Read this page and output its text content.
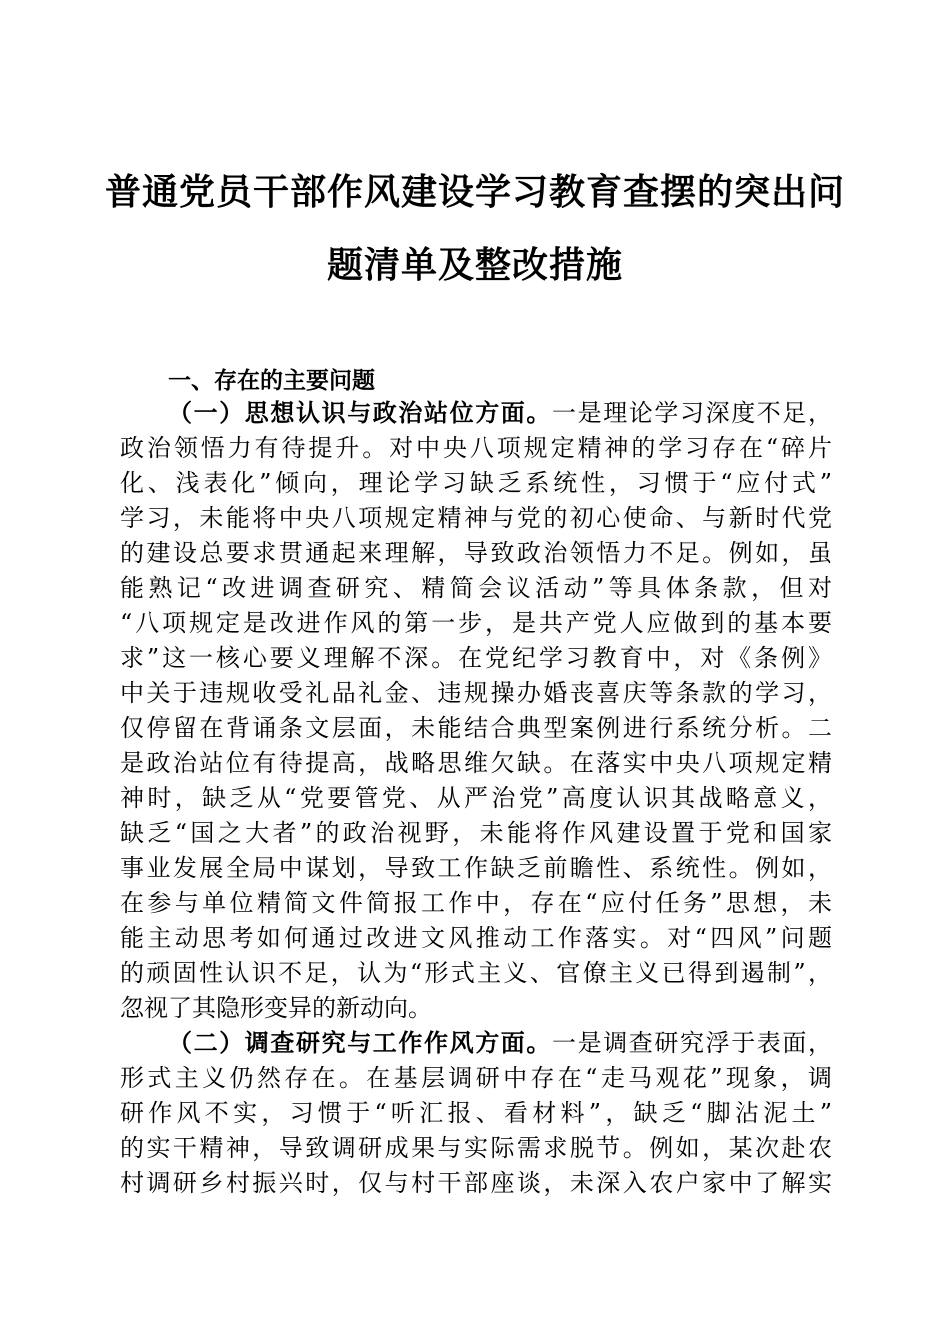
普通党员干部作风建设学习教育查摆的突出问
题清单及整改措施
一、存在的主要问题

（一）思想认识与政治站位方面。一是理论学习深度不足，

政治领悟力有待提升。对中央八项规定精神的学习存在“碎片

化、浅表化”倾向，理论学习缺乏系统性，习惯于“应付式”

学习，未能将中央八项规定精神与党的初心使命、与新时代党

的建设总要求贯通起来理解，导致政治领悟力不足。例如，虽

能熟记“改进调查研究、精简会议活动”等具体条款，但对

“八项规定是改进作风的第一步，是共产党人应做到的基本要

求”这一核心要义理解不深。在党纪学习教育中，对《条例》

中关于违规收受礼品礼金、违规操办婚丧喜庆等条款的学习，

仅停留在背诵条文层面，未能结合典型案例进行系统分析。二

是政治站位有待提高，战略思维欠缺。在落实中央八项规定精

神时，缺乏从“党要管党、从严治党”高度认识其战略意义，

缺乏“国之大者”的政治视野，未能将作风建设置于党和国家

事业发展全局中谋划，导致工作缺乏前瞻性、系统性。例如，

在参与单位精简文件简报工作中，存在“应付任务”思想，未

能主动思考如何通过改进文风推动工作落实。对“四风”问题

的顽固性认识不足，认为“形式主义、官僚主义已得到遏制”，

忽视了其隐形变异的新动向。

（二）调查研究与工作作风方面。一是调查研究浮于表面，

形式主义仍然存在。在基层调研中存在“走马观花”现象，调

研作风不实，习惯于“听汇报、看材料”，缺乏“脚沾泥土”

的实干精神，导致调研成果与实际需求脱节。例如，某次赴农

村调研乡村振兴时，仅与村干部座谈，未深入农户家中了解实
